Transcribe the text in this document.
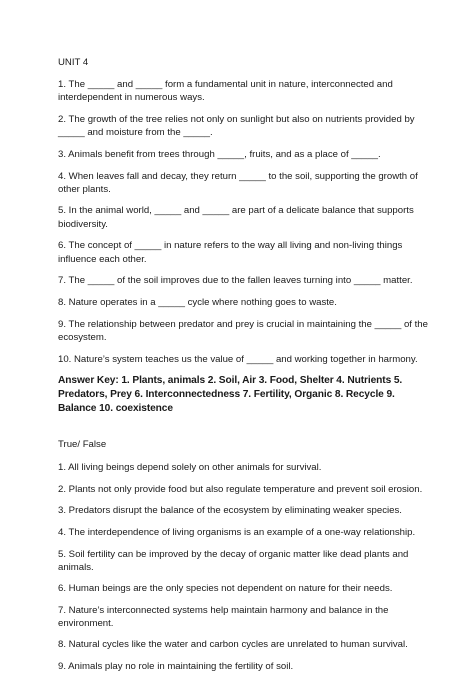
UNIT 4

1. The _____ and _____ form a fundamental unit in nature, interconnected and interdependent in numerous ways.

2. The growth of the tree relies not only on sunlight but also on nutrients provided by _____ and moisture from the _____.

3. Animals benefit from trees through _____, fruits, and as a place of _____.

4. When leaves fall and decay, they return _____ to the soil, supporting the growth of other plants.

5. In the animal world, _____ and _____ are part of a delicate balance that supports biodiversity.

6. The concept of _____ in nature refers to the way all living and non-living things influence each other.

7. The _____ of the soil improves due to the fallen leaves turning into _____ matter.

8. Nature operates in a _____ cycle where nothing goes to waste.

9. The relationship between predator and prey is crucial in maintaining the _____ of the ecosystem.

10. Nature’s system teaches us the value of _____ and working together in harmony.

Answer Key: 1. Plants, animals 2. Soil, Air 3. Food, Shelter 4. Nutrients 5. Predators, Prey 6. Interconnectedness 7. Fertility, Organic 8. Recycle 9. Balance 10. coexistence

True/ False

1. All living beings depend solely on other animals for survival.

2. Plants not only provide food but also regulate temperature and prevent soil erosion.

3. Predators disrupt the balance of the ecosystem by eliminating weaker species.

4. The interdependence of living organisms is an example of a one-way relationship.

5. Soil fertility can be improved by the decay of organic matter like dead plants and animals.

6. Human beings are the only species not dependent on nature for their needs.

7. Nature’s interconnected systems help maintain harmony and balance in the environment.

8. Natural cycles like the water and carbon cycles are unrelated to human survival.

9. Animals play no role in maintaining the fertility of soil.
